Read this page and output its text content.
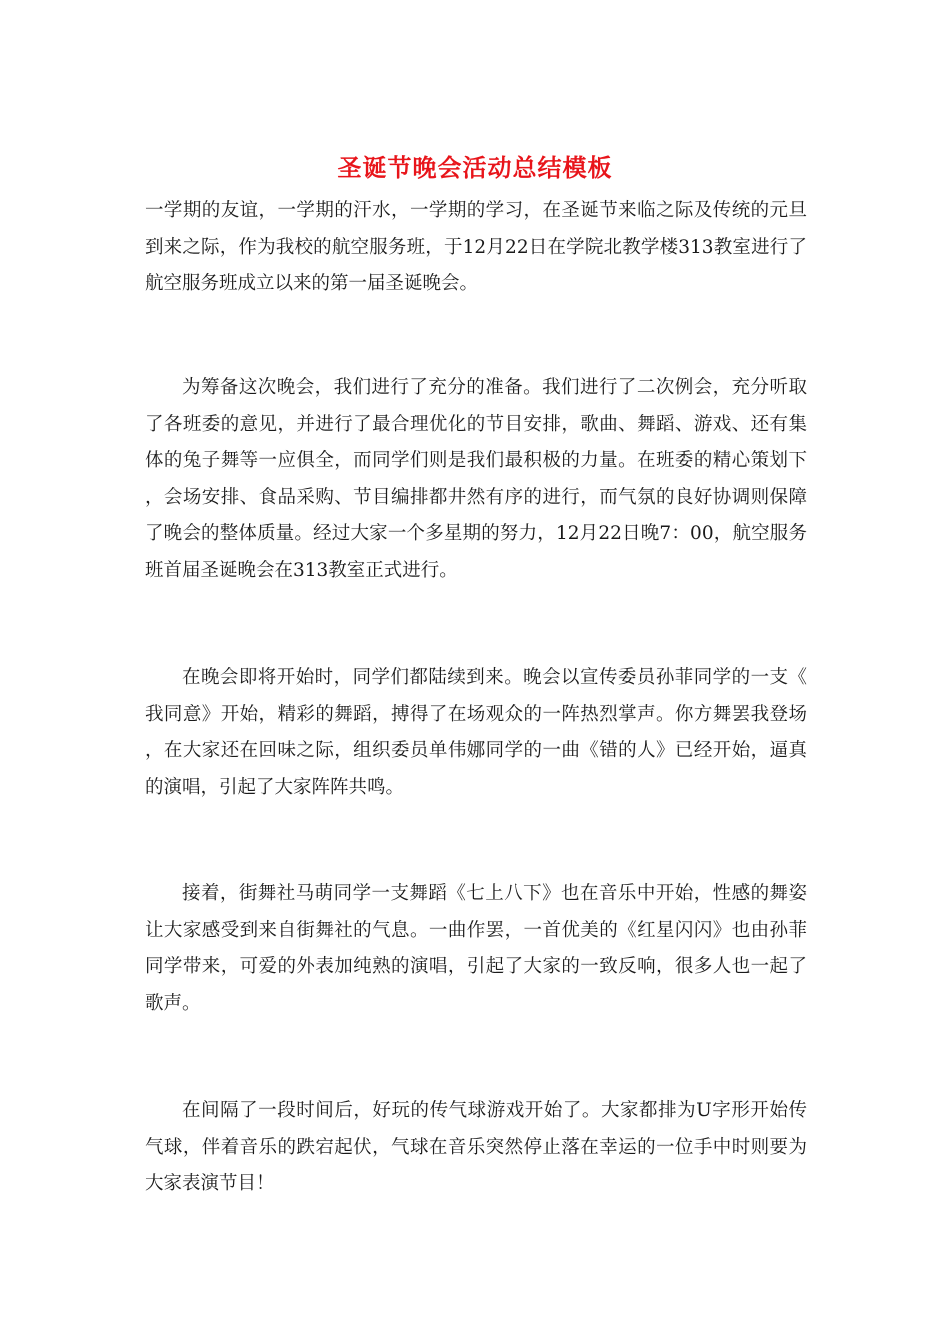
圣诞节晚会活动总结模板

一学期的友谊，一学期的汗水，一学期的学习，在圣诞节来临之际及传统的元旦到来之际，作为我校的航空服务班，于12月22日在学院北教学楼313教室进行了航空服务班成立以来的第一届圣诞晚会。

为筹备这次晚会，我们进行了充分的准备。我们进行了二次例会，充分听取了各班委的意见，并进行了最合理优化的节目安排，歌曲、舞蹈、游戏、还有集体的兔子舞等一应俱全，而同学们则是我们最积极的力量。在班委的精心策划下，会场安排、食品采购、节目编排都井然有序的进行，而气氛的良好协调则保障了晚会的整体质量。经过大家一个多星期的努力，12月22日晚7：00，航空服务班首届圣诞晚会在313教室正式进行。

在晚会即将开始时，同学们都陆续到来。晚会以宣传委员孙菲同学的一支《我同意》开始，精彩的舞蹈，搏得了在场观众的一阵热烈掌声。你方舞罢我登场，在大家还在回味之际，组织委员单伟娜同学的一曲《错的人》已经开始，逼真的演唱，引起了大家阵阵共鸣。

接着，街舞社马萌同学一支舞蹈《七上八下》也在音乐中开始，性感的舞姿让大家感受到来自街舞社的气息。一曲作罢，一首优美的《红星闪闪》也由孙菲同学带来，可爱的外表加纯熟的演唱，引起了大家的一致反响，很多人也一起了歌声。

在间隔了一段时间后，好玩的传气球游戏开始了。大家都排为U字形开始传气球，伴着音乐的跌宕起伏，气球在音乐突然停止落在幸运的一位手中时则要为大家表演节目！
